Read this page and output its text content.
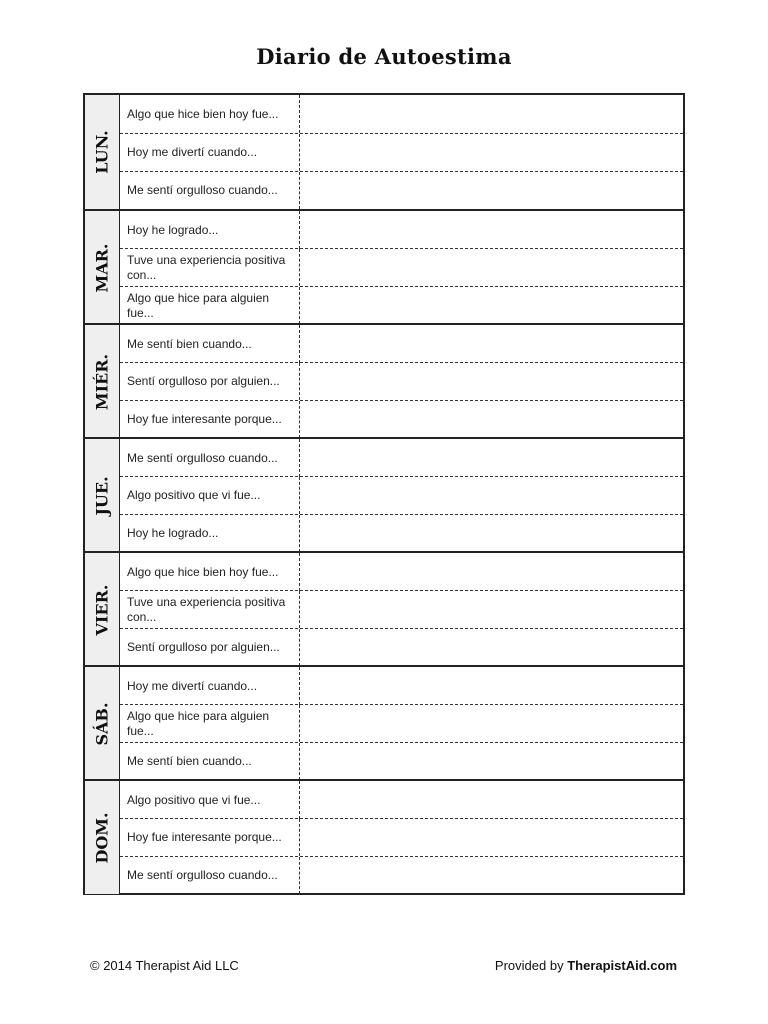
Diario de Autoestima
LUN.
Algo que hice bien hoy fue...
Hoy me divertí cuando...
Me sentí orgulloso cuando...
MAR.
Hoy he logrado...
Tuve una experiencia positiva con...
Algo que hice para alguien fue...
MIÉR.
Me sentí bien cuando...
Sentí orgulloso por alguien...
Hoy fue interesante porque...
JUE.
Me sentí orgulloso cuando...
Algo positivo que vi fue...
Hoy he logrado...
VIER.
Algo que hice bien hoy fue...
Tuve una experiencia positiva con...
Sentí orgulloso por alguien...
SÁB.
Hoy me divertí cuando...
Algo que hice para alguien fue...
Me sentí bien cuando...
DOM.
Algo positivo que vi fue...
Hoy fue interesante porque...
Me sentí orgulloso cuando...
© 2014 Therapist Aid LLC	Provided by TherapistAid.com
